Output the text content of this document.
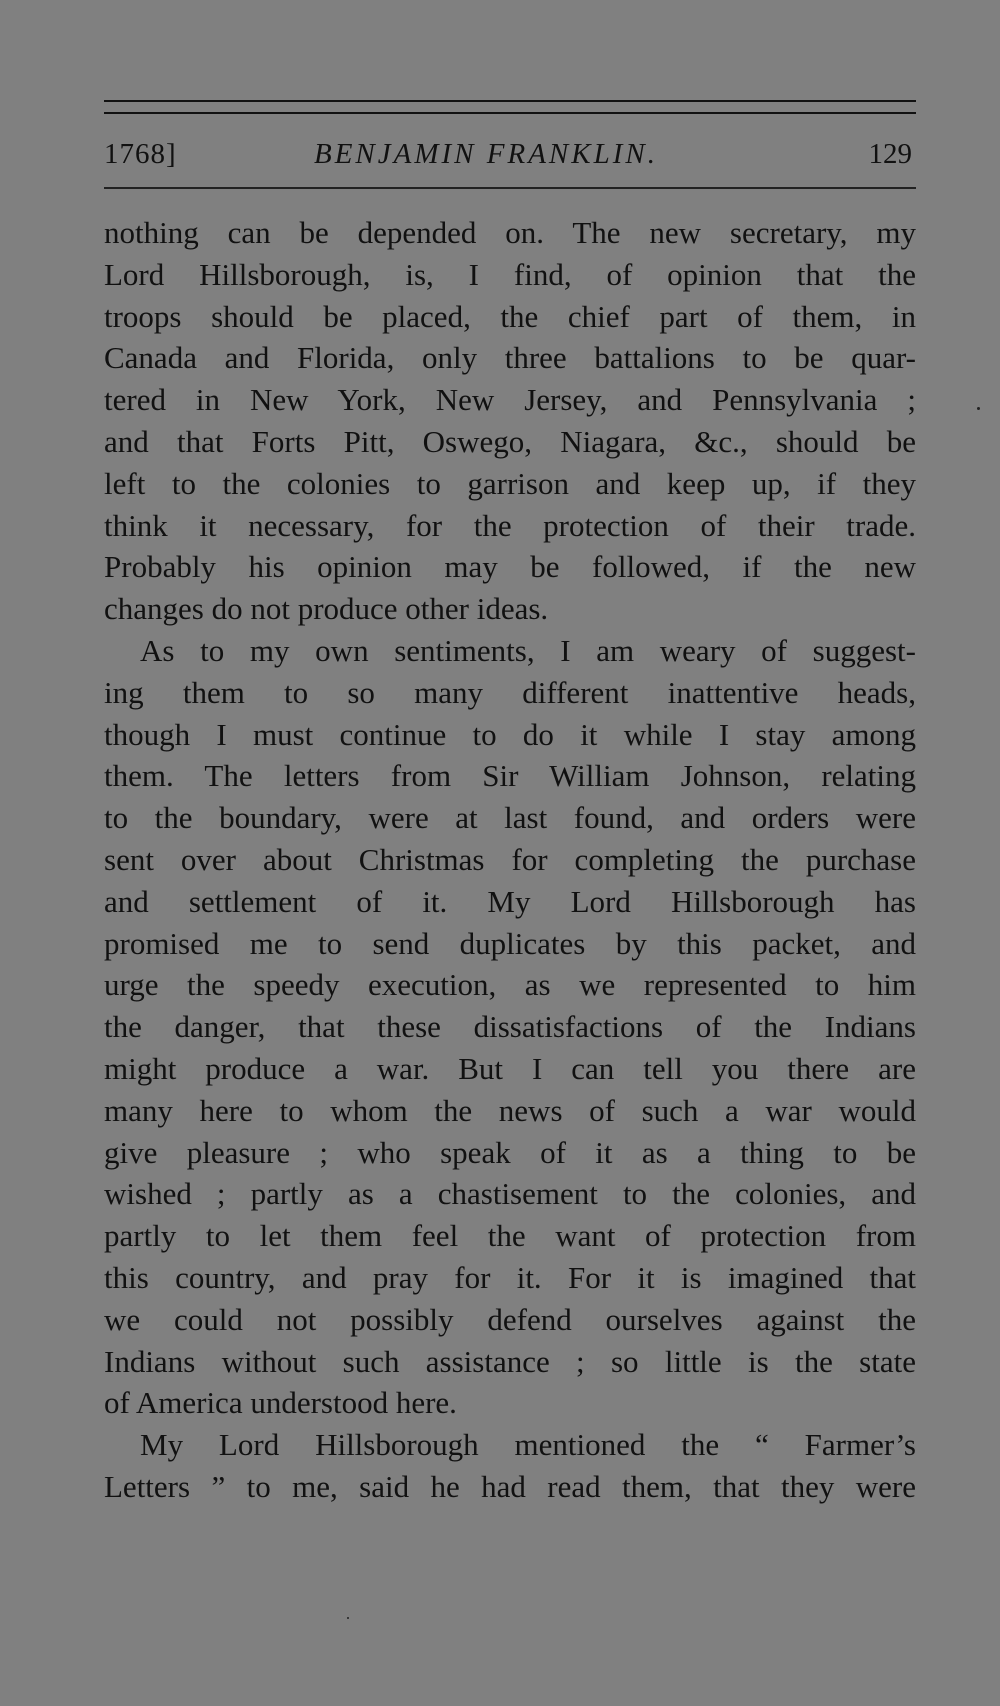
1768]	BENJAMIN FRANKLIN.	129
nothing can be depended on. The new secretary, my
Lord Hillsborough, is, I find, of opinion that the
troops should be placed, the chief part of them, in
Canada and Florida, only three battalions to be quar-
tered in New York, New Jersey, and Pennsylvania ;
and that Forts Pitt, Oswego, Niagara, &c., should be
left to the colonies to garrison and keep up, if they
think it necessary, for the protection of their trade.
Probably his opinion may be followed, if the new
changes do not produce other ideas.
As to my own sentiments, I am weary of suggest-
ing them to so many different inattentive heads,
though I must continue to do it while I stay among
them. The letters from Sir William Johnson, relating
to the boundary, were at last found, and orders were
sent over about Christmas for completing the purchase
and settlement of it. My Lord Hillsborough has
promised me to send duplicates by this packet, and
urge the speedy execution, as we represented to him
the danger, that these dissatisfactions of the Indians
might produce a war. But I can tell you there are
many here to whom the news of such a war would
give pleasure ; who speak of it as a thing to be
wished ; partly as a chastisement to the colonies, and
partly to let them feel the want of protection from
this country, and pray for it. For it is imagined that
we could not possibly defend ourselves against the
Indians without such assistance ; so little is the state
of America understood here.
My Lord Hillsborough mentioned the “ Farmer’s
Letters ” to me, said he had read them, that they were
